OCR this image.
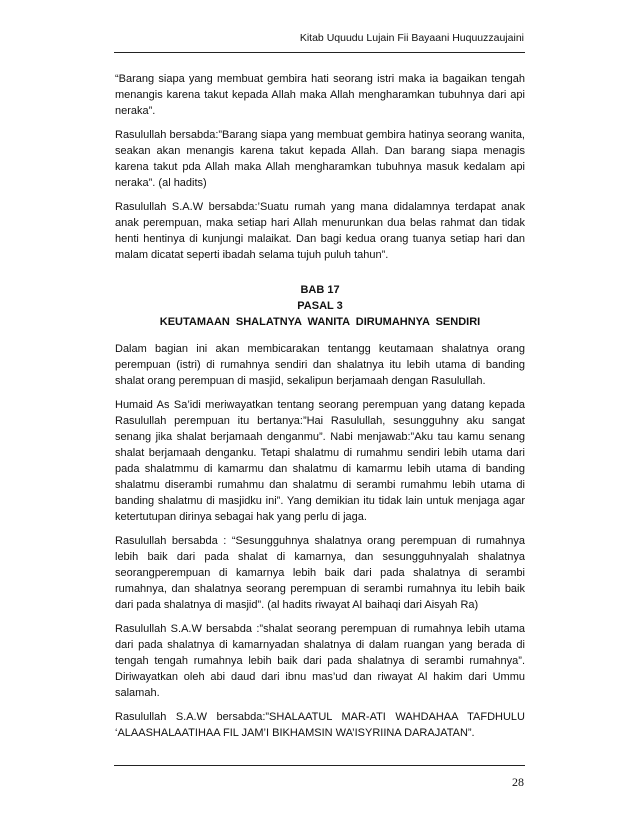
Kitab Uquudu Lujain Fii Bayaani Huquuzzaujaini

“Barang siapa yang membuat gembira hati seorang istri maka ia bagaikan tengah menangis karena takut kepada Allah maka Allah mengharamkan tubuhnya dari api neraka”.

Rasulullah bersabda:”Barang siapa yang membuat gembira hatinya seorang wanita, seakan akan menangis karena takut kepada Allah. Dan barang siapa menagis karena takut pda Allah maka Allah mengharamkan tubuhnya masuk kedalam api neraka”. (al hadits)

Rasulullah S.A.W bersabda:’Suatu rumah yang mana didalamnya terdapat anak anak perempuan, maka setiap hari Allah menurunkan dua belas rahmat dan tidak henti hentinya di kunjungi malaikat. Dan bagi kedua orang tuanya setiap hari dan malam dicatat seperti ibadah selama tujuh puluh tahun”.

BAB 17

PASAL 3

KEUTAMAAN SHALATNYA WANITA DIRUMAHNYA SENDIRI

Dalam bagian ini akan membicarakan tentangg keutamaan shalatnya orang perempuan (istri) di rumahnya sendiri dan shalatnya itu lebih utama di banding shalat orang perempuan di masjid, sekalipun berjamaah dengan Rasulullah.

Humaid As Sa’idi meriwayatkan tentang seorang perempuan yang datang kepada Rasulullah perempuan itu bertanya:”Hai Rasulullah, sesungguhny aku sangat senang jika shalat berjamaah denganmu”. Nabi menjawab:”Aku tau kamu senang shalat berjamaah denganku. Tetapi shalatmu di rumahmu sendiri lebih utama dari pada shalatmmu di kamarmu dan shalatmu di kamarmu lebih utama di banding shalatmu diserambi rumahmu dan shalatmu di serambi rumahmu lebih utama di banding shalatmu di masjidku ini”. Yang demikian itu tidak lain untuk menjaga agar ketertutupan dirinya sebagai hak yang perlu di jaga.

Rasulullah bersabda : “Sesungguhnya shalatnya orang perempuan di rumahnya lebih baik dari pada shalat di kamarnya, dan sesungguhnyalah shalatnya seorangperempuan di kamarnya lebih baik dari pada shalatnya di serambi rumahnya, dan shalatnya seorang perempuan di serambi rumahnya itu lebih baik dari pada shalatnya di masjid”. (al hadits riwayat Al baihaqi dari Aisyah Ra)

Rasulullah S.A.W bersabda :”shalat seorang perempuan di rumahnya lebih utama dari pada shalatnya di kamarnyadan shalatnya di dalam ruangan yang berada di tengah tengah rumahnya lebih baik dari pada shalatnya di serambi rumahnya”. Diriwayatkan oleh abi daud dari ibnu mas’ud dan riwayat Al hakim dari Ummu salamah.

Rasulullah S.A.W bersabda:”SHALAATUL MAR-ATI WAHDAHAA TAFDHULU ‘ALAASHALAATIHAA FIL JAM’I BIKHAMSIN WA’ISYRIINA DARAJATAN”.

28
